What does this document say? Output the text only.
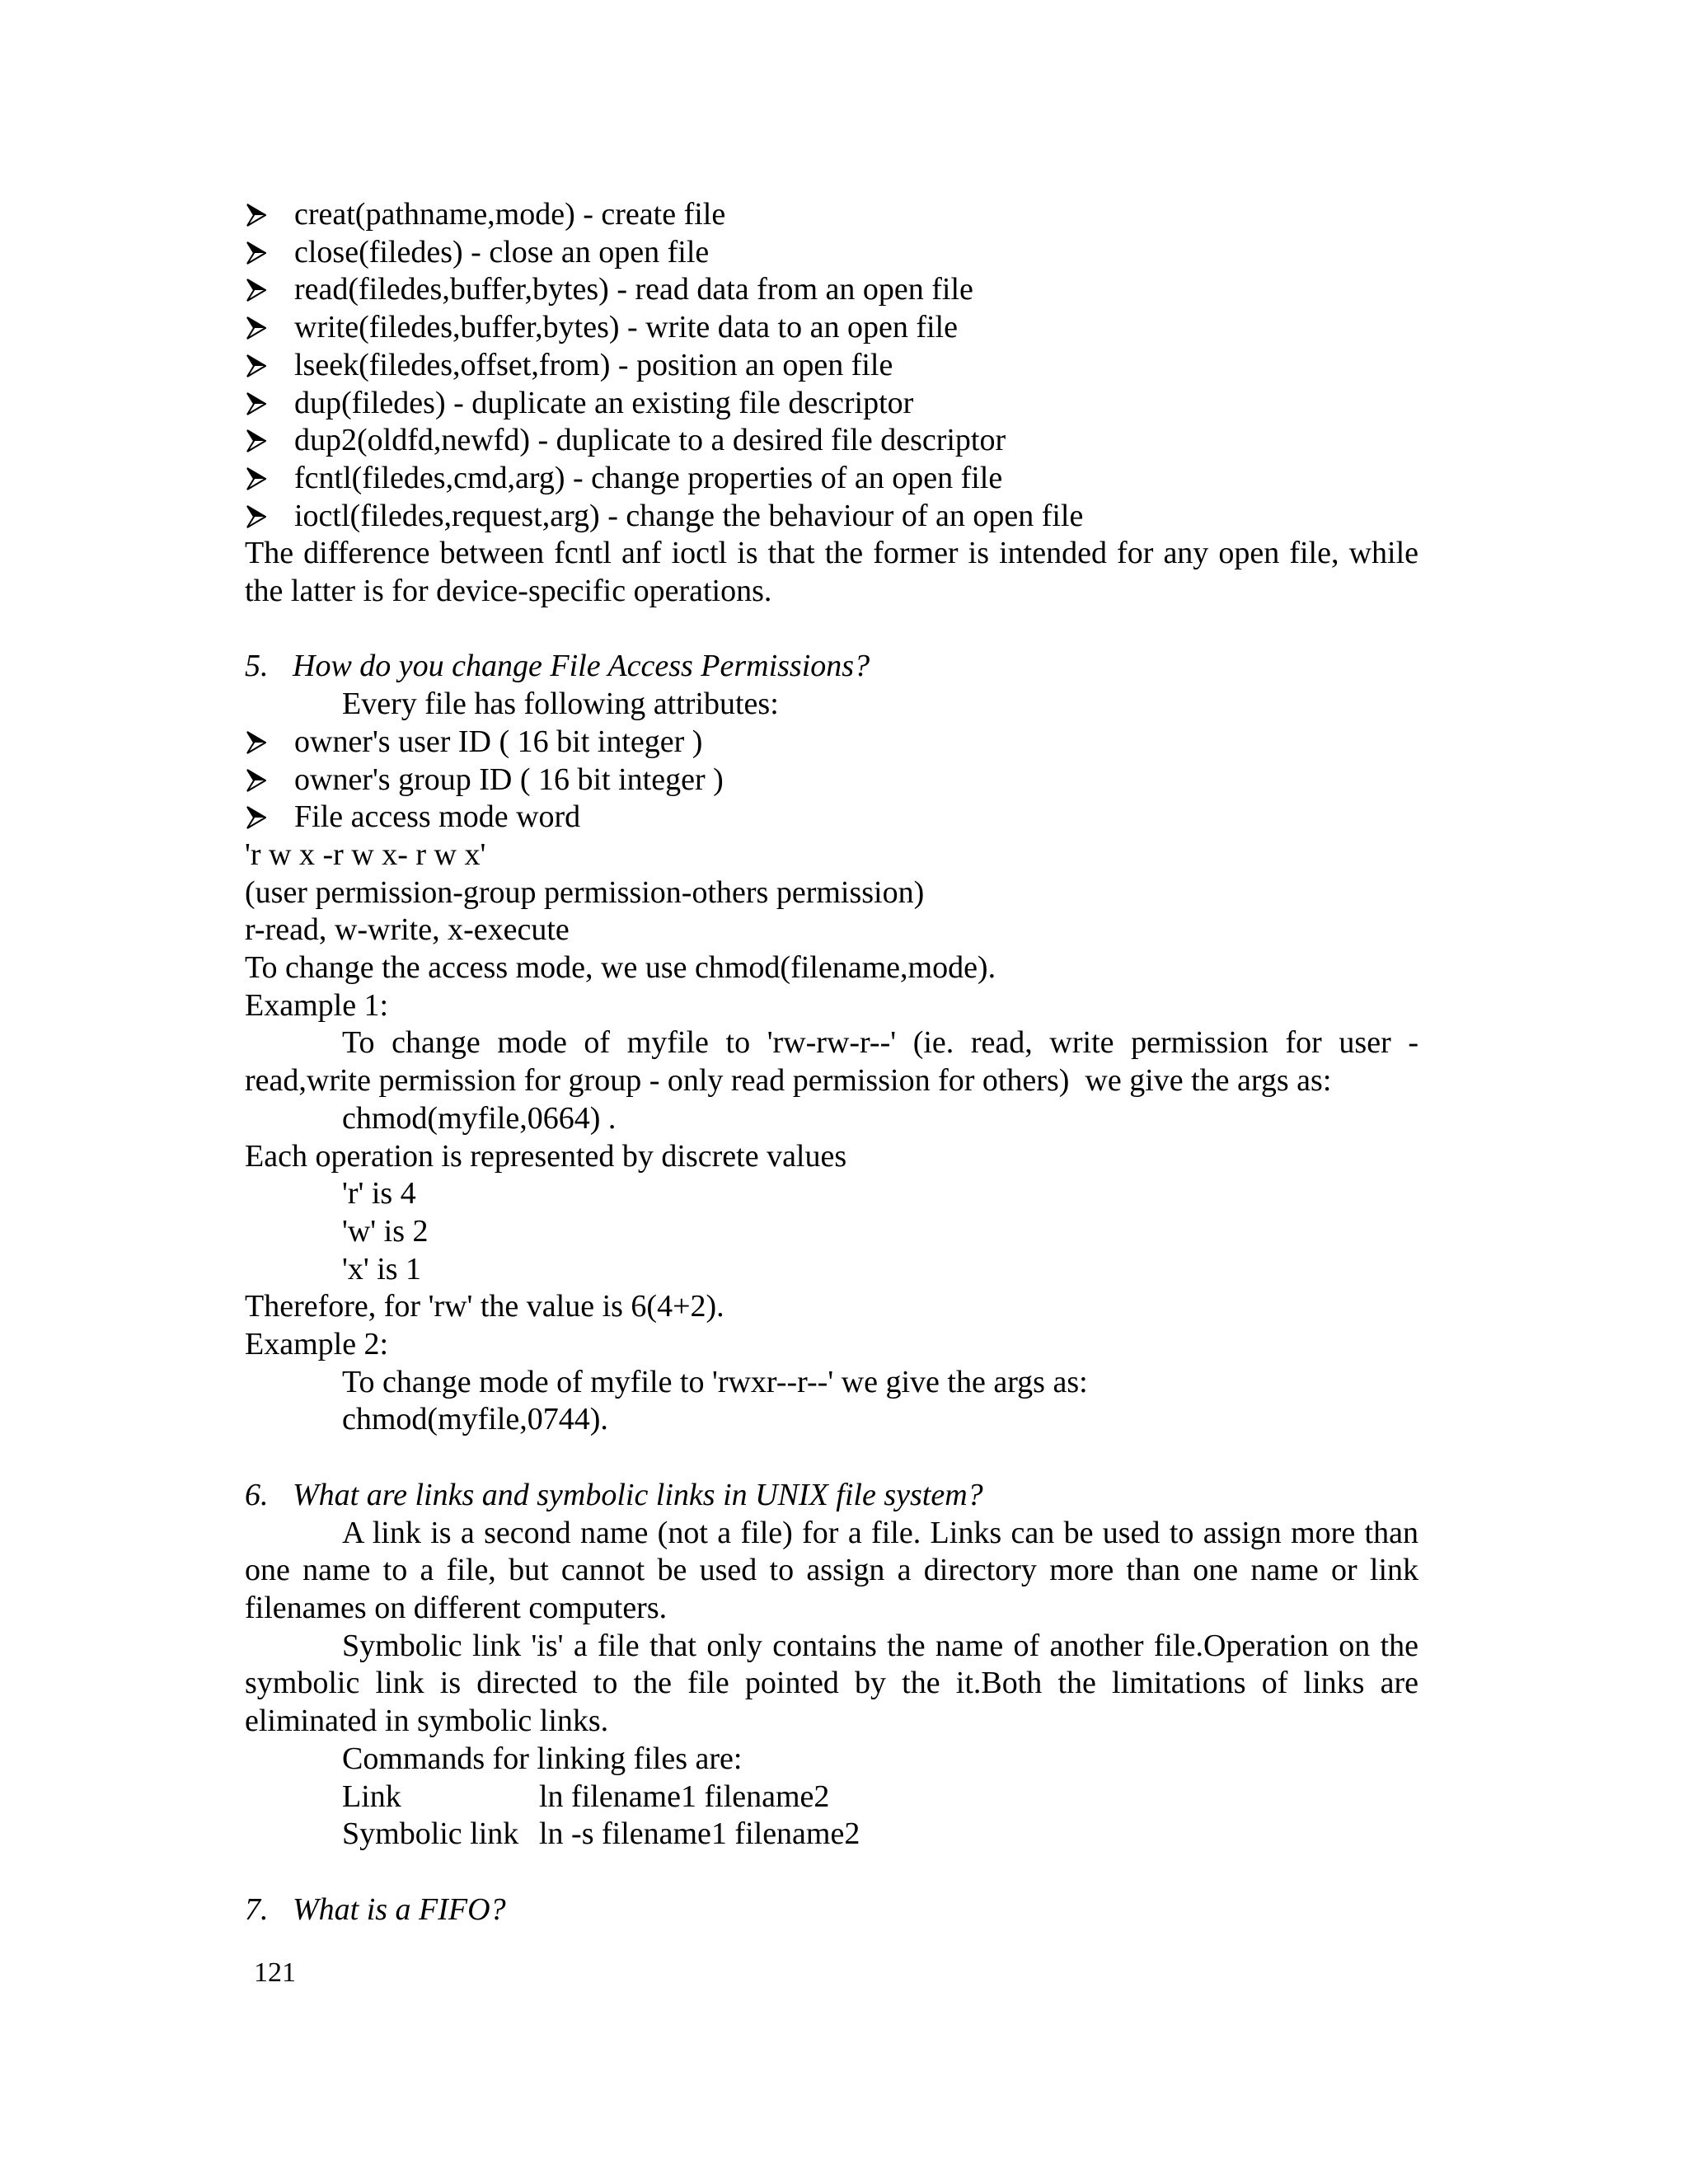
creat(pathname,mode) - create file
close(filedes) - close an open file
read(filedes,buffer,bytes) - read data from an open file
write(filedes,buffer,bytes) - write data to an open file
lseek(filedes,offset,from) - position an open file
dup(filedes) - duplicate an existing file descriptor
dup2(oldfd,newfd) - duplicate to a desired file descriptor
fcntl(filedes,cmd,arg) - change properties of an open file
ioctl(filedes,request,arg) - change the behaviour of an open file
The difference between fcntl anf ioctl is that the former is intended for any open file, while the latter is for device-specific operations.
5. How do you change File Access Permissions?
Every file has following attributes:
owner's user ID ( 16 bit integer )
owner's group ID ( 16 bit integer )
File access mode word
'r w x -r w x- r w x'
(user permission-group permission-others permission)
r-read, w-write, x-execute
To change the access mode, we use chmod(filename,mode).
Example 1:
To change mode of myfile to 'rw-rw-r--' (ie. read, write permission for user - read,write permission for group - only read permission for others)  we give the args as:
chmod(myfile,0664) .
Each operation is represented by discrete values
'r' is 4
'w' is 2
'x' is 1
Therefore, for 'rw' the value is 6(4+2).
Example 2:
To change mode of myfile to 'rwxr--r--' we give the args as:
chmod(myfile,0744).
6. What are links and symbolic links in UNIX file system?
A link is a second name (not a file) for a file. Links can be used to assign more than one name to a file, but cannot be used to assign a directory more than one name or link filenames on different computers.
Symbolic link 'is' a file that only contains the name of another file.Operation on the symbolic link is directed to the file pointed by the it.Both the limitations of links are eliminated in symbolic links.
Commands for linking files are:
Link	ln filename1 filename2
Symbolic link ln -s filename1 filename2
7. What is a FIFO?
121
